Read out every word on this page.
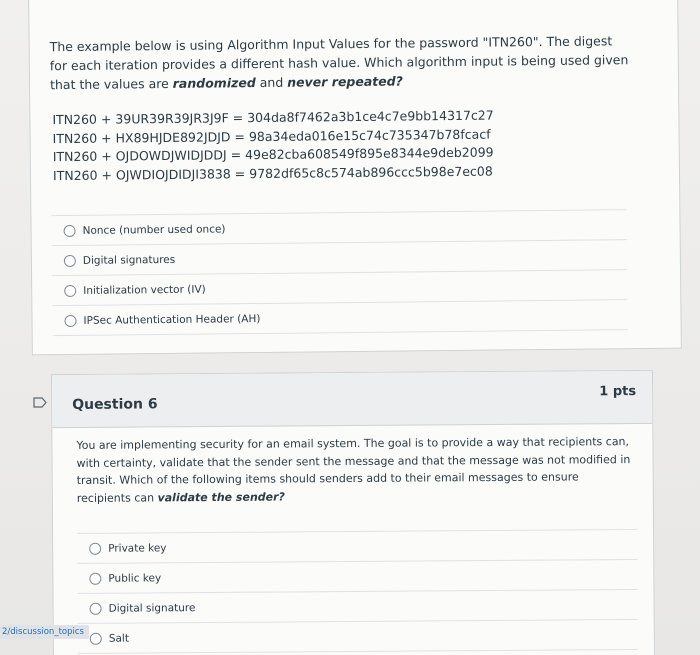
The example below is using Algorithm Input Values for the password "ITN260". The digest for each iteration provides a different hash value. Which algorithm input is being used given that the values are randomized and never repeated?
ITN260 + 39UR39R39JR3J9F = 304da8f7462a3b1ce4c7e9bb14317c27
ITN260 + HX89HJDE892JDJD = 98a34eda016e15c74c735347b78fcacf
ITN260 + OJDOWDJWIDJDDJ = 49e82cba608549f895e8344e9deb2099
ITN260 + OJWDIOJDIDJI3838 = 9782df65c8c574ab896ccc5b98e7ec08
Nonce (number used once)
Digital signatures
Initialization vector (IV)
IPSec Authentication Header (AH)
Question 6
1 pts
You are implementing security for an email system. The goal is to provide a way that recipients can, with certainty, validate that the sender sent the message and that the message was not modified in transit. Which of the following items should senders add to their email messages to ensure recipients can validate the sender?
Private key
Public key
Digital signature
Salt
2/discussion_topics
